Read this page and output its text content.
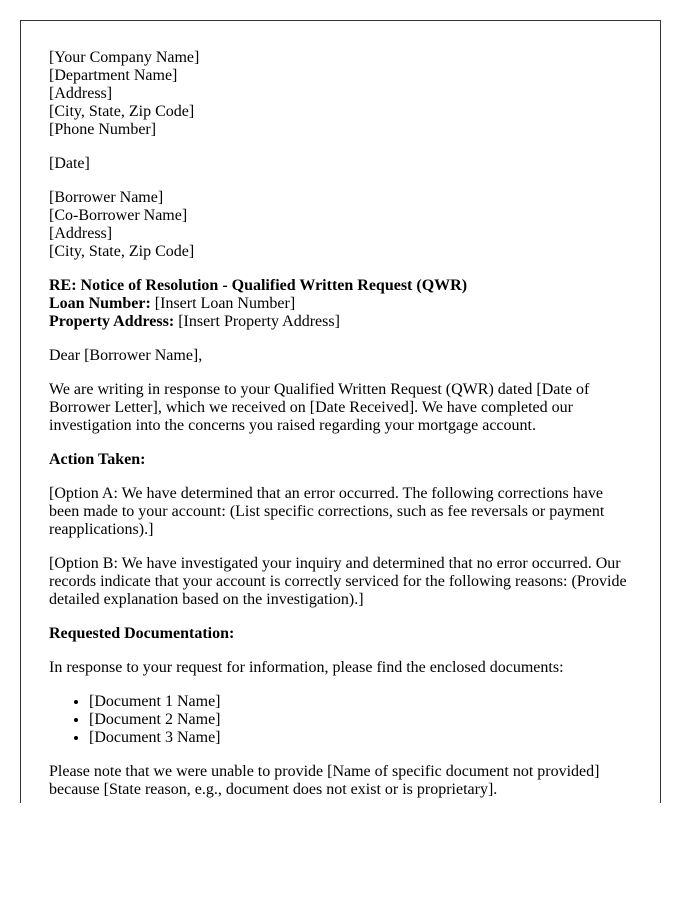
[Your Company Name]
[Department Name]
[Address]
[City, State, Zip Code]
[Phone Number]

[Date]

[Borrower Name]
[Co-Borrower Name]
[Address]
[City, State, Zip Code]

RE: Notice of Resolution - Qualified Written Request (QWR)
Loan Number: [Insert Loan Number]
Property Address: [Insert Property Address]

Dear [Borrower Name],

We are writing in response to your Qualified Written Request (QWR) dated [Date of Borrower Letter], which we received on [Date Received]. We have completed our investigation into the concerns you raised regarding your mortgage account.

Action Taken:

[Option A: We have determined that an error occurred. The following corrections have been made to your account: (List specific corrections, such as fee reversals or payment reapplications).]

[Option B: We have investigated your inquiry and determined that no error occurred. Our records indicate that your account is correctly serviced for the following reasons: (Provide detailed explanation based on the investigation).]

Requested Documentation:

In response to your request for information, please find the enclosed documents:

• [Document 1 Name]
• [Document 2 Name]
• [Document 3 Name]

Please note that we were unable to provide [Name of specific document not provided] because [State reason, e.g., document does not exist or is proprietary].
